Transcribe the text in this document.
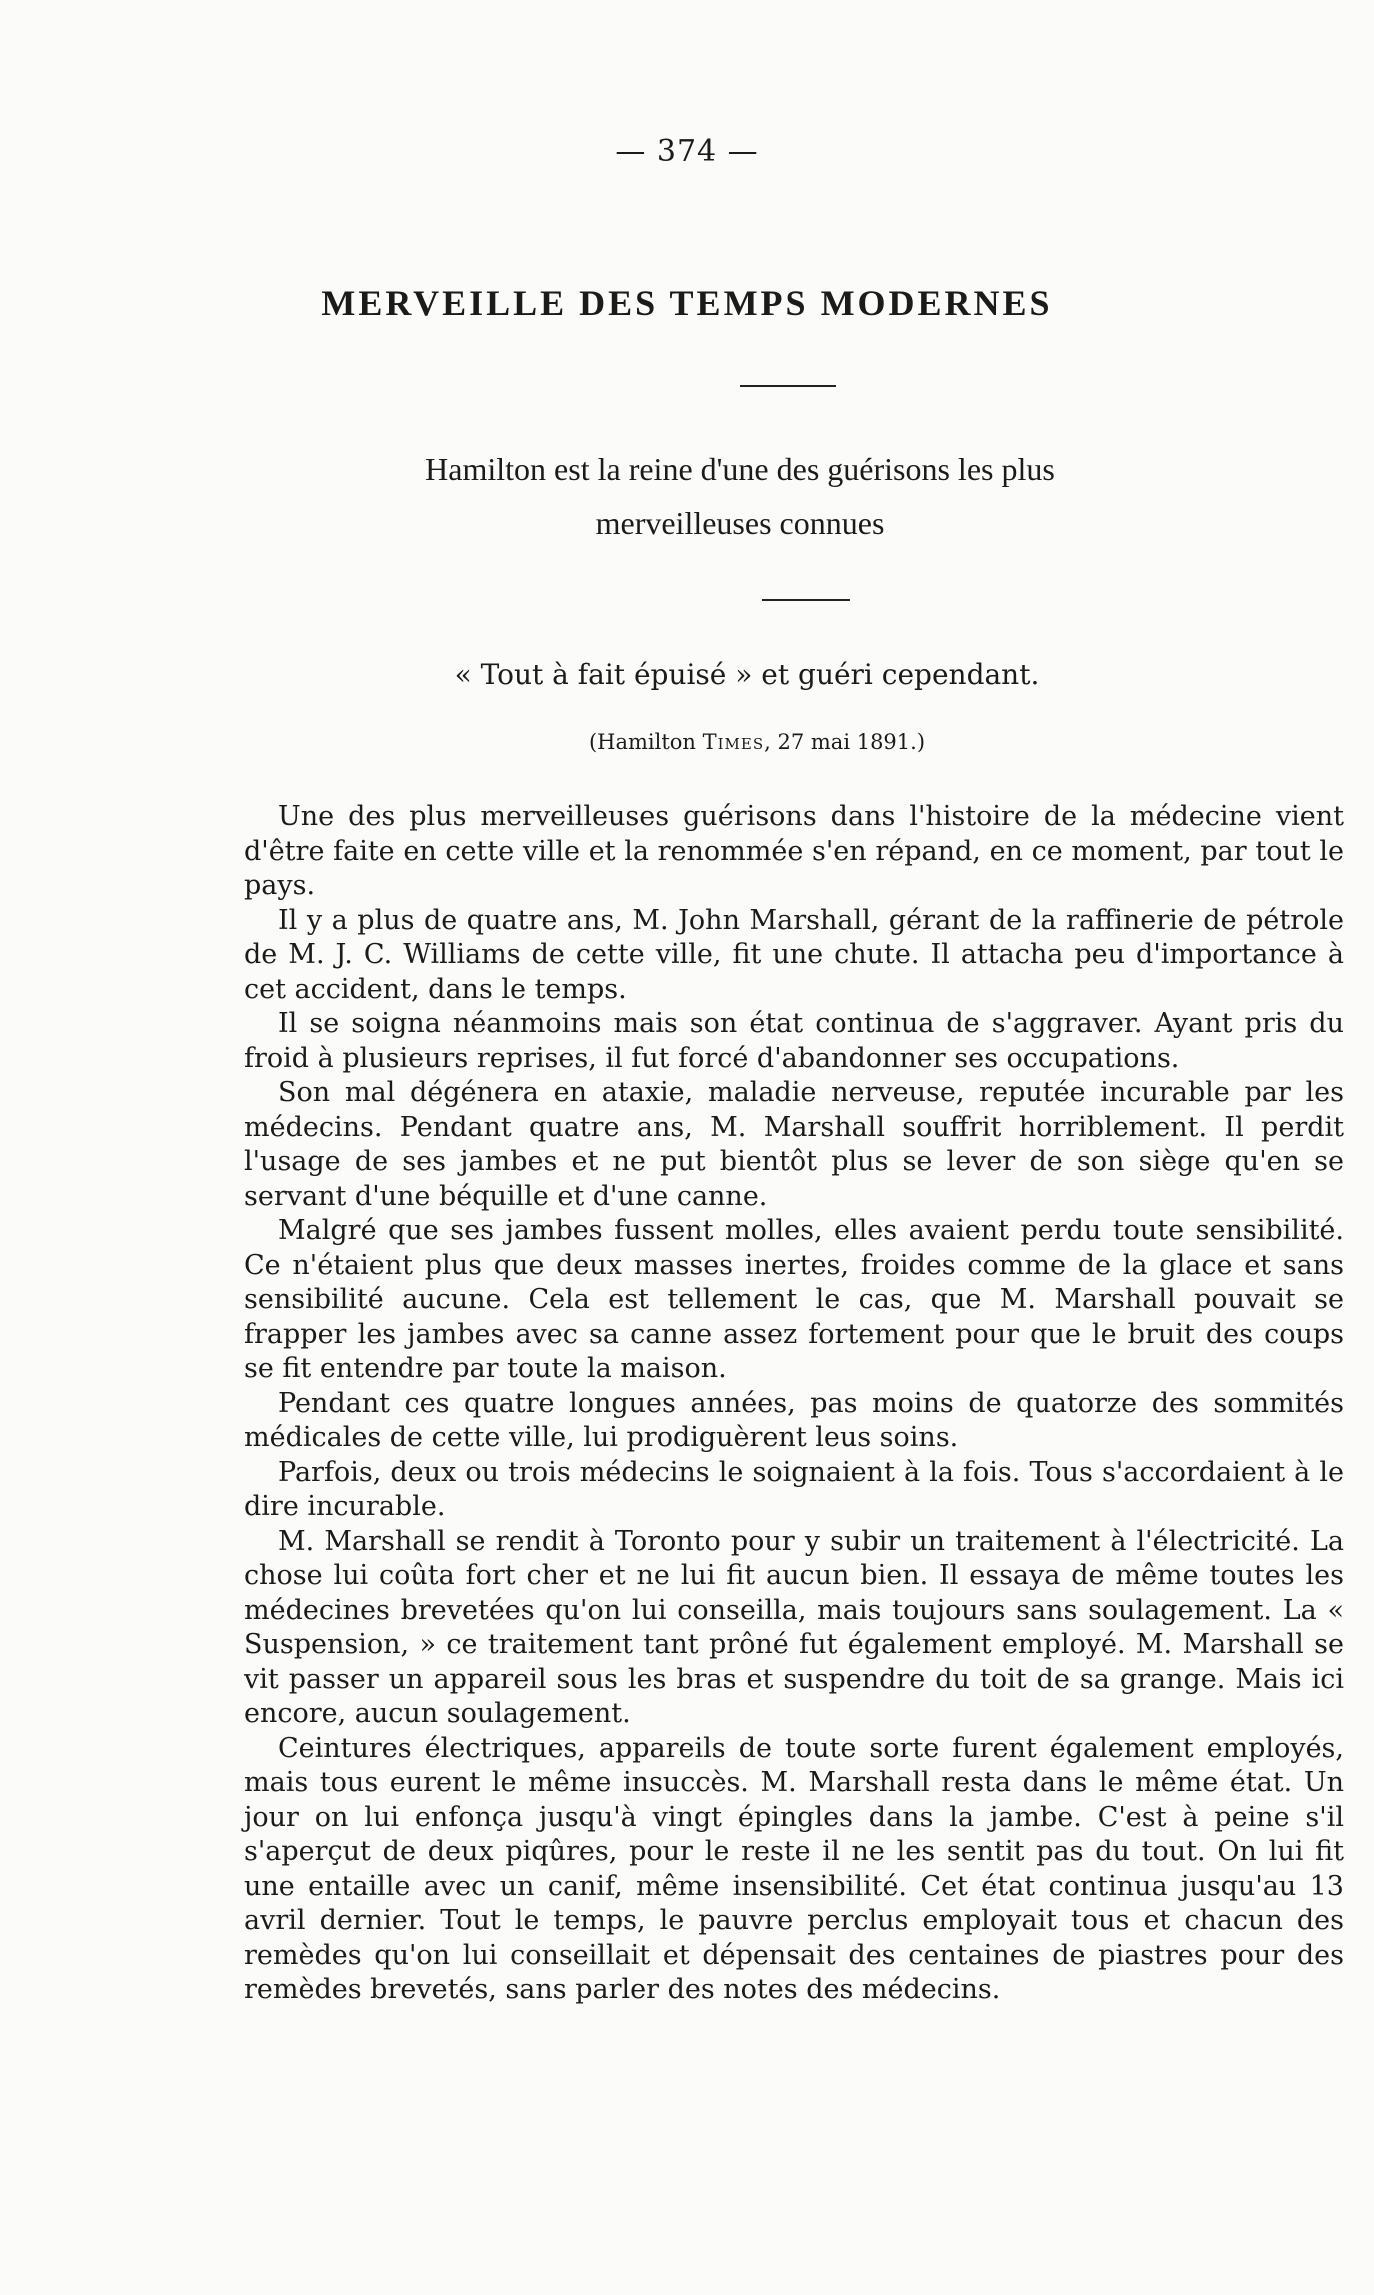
— 374 —
MERVEILLE DES TEMPS MODERNES
Hamilton est la reine d'une des guérisons les plus
merveilleuses connues
« Tout à fait épuisé » et guéri cependant.
(Hamilton Times, 27 mai 1891.)

Une des plus merveilleuses guérisons dans l'histoire de la médecine vient d'être faite en cette ville et la renommée s'en répand, en ce moment, par tout le pays.

Il y a plus de quatre ans, M. John Marshall, gérant de la raffinerie de pétrole de M. J. C. Williams de cette ville, fit une chute. Il attacha peu d'importance à cet accident, dans le temps.

Il se soigna néanmoins mais son état continua de s'aggraver. Ayant pris du froid à plusieurs reprises, il fut forcé d'abandonner ses occupations.

Son mal dégénera en ataxie, maladie nerveuse, reputée incurable par les médecins. Pendant quatre ans, M. Marshall souffrit horriblement. Il perdit l'usage de ses jambes et ne put bientôt plus se lever de son siège qu'en se servant d'une béquille et d'une canne.

Malgré que ses jambes fussent molles, elles avaient perdu toute sensibilité. Ce n'étaient plus que deux masses inertes, froides comme de la glace et sans sensibilité aucune. Cela est tellement le cas, que M. Marshall pouvait se frapper les jambes avec sa canne assez fortement pour que le bruit des coups se fit entendre par toute la maison.

Pendant ces quatre longues années, pas moins de quatorze des sommités médicales de cette ville, lui prodiguèrent leus soins.

Parfois, deux ou trois médecins le soignaient à la fois. Tous s'accordaient à le dire incurable.

M. Marshall se rendit à Toronto pour y subir un traitement à l'électricité. La chose lui coûta fort cher et ne lui fit aucun bien. Il essaya de même toutes les médecines brevetées qu'on lui conseilla, mais toujours sans soulagement. La « Suspension, » ce traitement tant prôné fut également employé. M. Marshall se vit passer un appareil sous les bras et suspendre du toit de sa grange. Mais ici encore, aucun soulagement.

Ceintures électriques, appareils de toute sorte furent également employés, mais tous eurent le même insuccès. M. Marshall resta dans le même état. Un jour on lui enfonça jusqu'à vingt épingles dans la jambe. C'est à peine s'il s'aperçut de deux piqûres, pour le reste il ne les sentit pas du tout. On lui fit une entaille avec un canif, même insensibilité. Cet état continua jusqu'au 13 avril dernier. Tout le temps, le pauvre perclus employait tous et chacun des remèdes qu'on lui conseillait et dépensait des centaines de piastres pour des remèdes brevetés, sans parler des notes des médecins.
